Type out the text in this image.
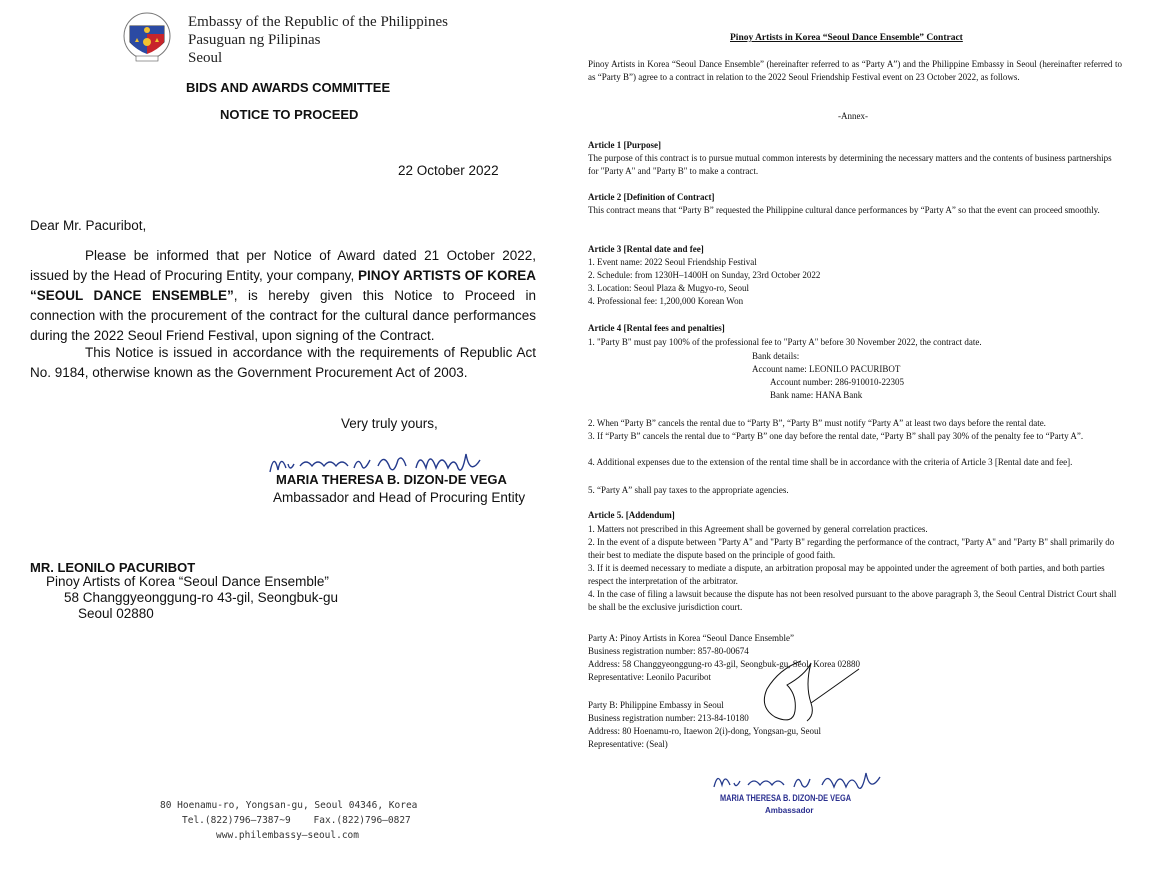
Embassy of the Republic of the Philippines
Pasuguan ng Pilipinas
Seoul
BIDS AND AWARDS COMMITTEE
NOTICE TO PROCEED
22 October 2022
Dear Mr. Pacuribot,
Please be informed that per Notice of Award dated 21 October 2022, issued by the Head of Procuring Entity, your company, PINOY ARTISTS OF KOREA “SEOUL DANCE ENSEMBLE”, is hereby given this Notice to Proceed in connection with the procurement of the contract for the cultural dance performances during the 2022 Seoul Friend Festival, upon signing of the Contract.
This Notice is issued in accordance with the requirements of Republic Act No. 9184, otherwise known as the Government Procurement Act of 2003.
Very truly yours,
MARIA THERESA B. DIZON-DE VEGA
Ambassador and Head of Procuring Entity
MR. LEONILO PACURIBOT
Pinoy Artists of Korea “Seoul Dance Ensemble”
58 Changgyeonggung-ro 43-gil, Seongbuk-gu
Seoul 02880
80 Hoenamu-ro, Yongsan-gu, Seoul 04346, Korea
Tel.(822)796–7387~9    Fax.(822)796–0827
www.philembassy–seoul.com
Pinoy Artists in Korea “Seoul Dance Ensemble” Contract
Pinoy Artists in Korea “Seoul Dance Ensemble” (hereinafter referred to as “Party A”) and the Philippine Embassy in Seoul (hereinafter referred to as “Party B”) agree to a contract in relation to the 2022 Seoul Friendship Festival event on 23 October 2022, as follows.
-Annex-
Article 1 [Purpose]
The purpose of this contract is to pursue mutual common interests by determining the necessary matters and the contents of business partnerships for "Party A" and "Party B" to make a contract.
Article 2 [Definition of Contract]
This contract means that “Party B” requested the Philippine cultural dance performances by “Party A” so that the event can proceed smoothly.
Article 3 [Rental date and fee]
1. Event name: 2022 Seoul Friendship Festival
2. Schedule: from 1230H–1400H on Sunday, 23rd October 2022
3. Location: Seoul Plaza & Mugyo-ro, Seoul
4. Professional fee: 1,200,000 Korean Won
Article 4 [Rental fees and penalties]
1. "Party B" must pay 100% of the professional fee to "Party A" before 30 November 2022, the contract date.
Bank details:
Account name: LEONILO PACURIBOT
Account number: 286-910010-22305
Bank name: HANA Bank
2. When “Party B” cancels the rental due to “Party B”, “Party B” must notify “Party A” at least two days before the rental date.
3. If “Party B” cancels the rental due to “Party B” one day before the rental date, “Party B” shall pay 30% of the penalty fee to “Party A”.
4. Additional expenses due to the extension of the rental time shall be in accordance with the criteria of Article 3 [Rental date and fee].
5. “Party A” shall pay taxes to the appropriate agencies.
Article 5. [Addendum]
1. Matters not prescribed in this Agreement shall be governed by general correlation practices.
2. In the event of a dispute between "Party A" and "Party B" regarding the performance of the contract, "Party A" and "Party B" shall primarily do their best to mediate the dispute based on the principle of good faith.
3. If it is deemed necessary to mediate a dispute, an arbitration proposal may be appointed under the agreement of both parties, and both parties respect the interpretation of the arbitrator.
4. In the case of filing a lawsuit because the dispute has not been resolved pursuant to the above paragraph 3, the Seoul Central District Court shall be shall be the exclusive jurisdiction court.
Party A: Pinoy Artists in Korea “Seoul Dance Ensemble”
Business registration number: 857-80-00674
Address: 58 Changgyeonggung-ro 43-gil, Seongbuk-gu, Seol, Korea 02880
Representative: Leonilo Pacuribot
Party B: Philippine Embassy in Seoul
Business registration number: 213-84-10180
Address: 80 Hoenamu-ro, Itaewon 2(i)-dong, Yongsan-gu, Seoul
Representative: (Seal)
MARIA THERESA B. DIZON-DE VEGA
Ambassador
